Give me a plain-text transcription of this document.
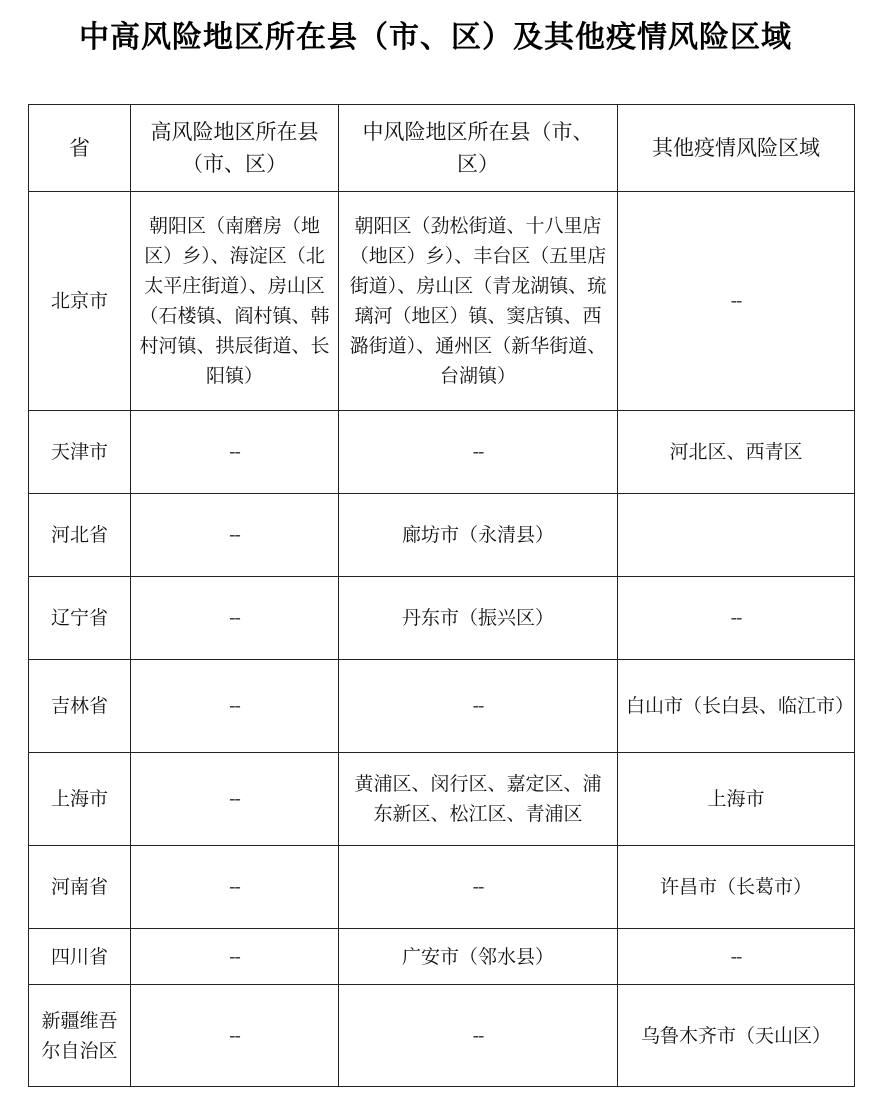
中高风险地区所在县（市、区）及其他疫情风险区域
省	高风险地区所在县（市、区）	中风险地区所在县（市、区）	其他疫情风险区域
北京市	朝阳区（南磨房（地区）乡）、海淀区（北太平庄街道）、房山区（石楼镇、阎村镇、韩村河镇、拱辰街道、长阳镇）	朝阳区（劲松街道、十八里店（地区）乡）、丰台区（五里店街道）、房山区（青龙湖镇、琉璃河（地区）镇、窦店镇、西潞街道）、通州区（新华街道、台湖镇）	--
天津市	--	--	河北区、西青区
河北省	--	廊坊市（永清县）	
辽宁省	--	丹东市（振兴区）	--
吉林省	--	--	白山市（长白县、临江市）
上海市	--	黄浦区、闵行区、嘉定区、浦东新区、松江区、青浦区	上海市
河南省	--	--	许昌市（长葛市）
四川省	--	广安市（邻水县）	--
新疆维吾尔自治区	--	--	乌鲁木齐市（天山区）
